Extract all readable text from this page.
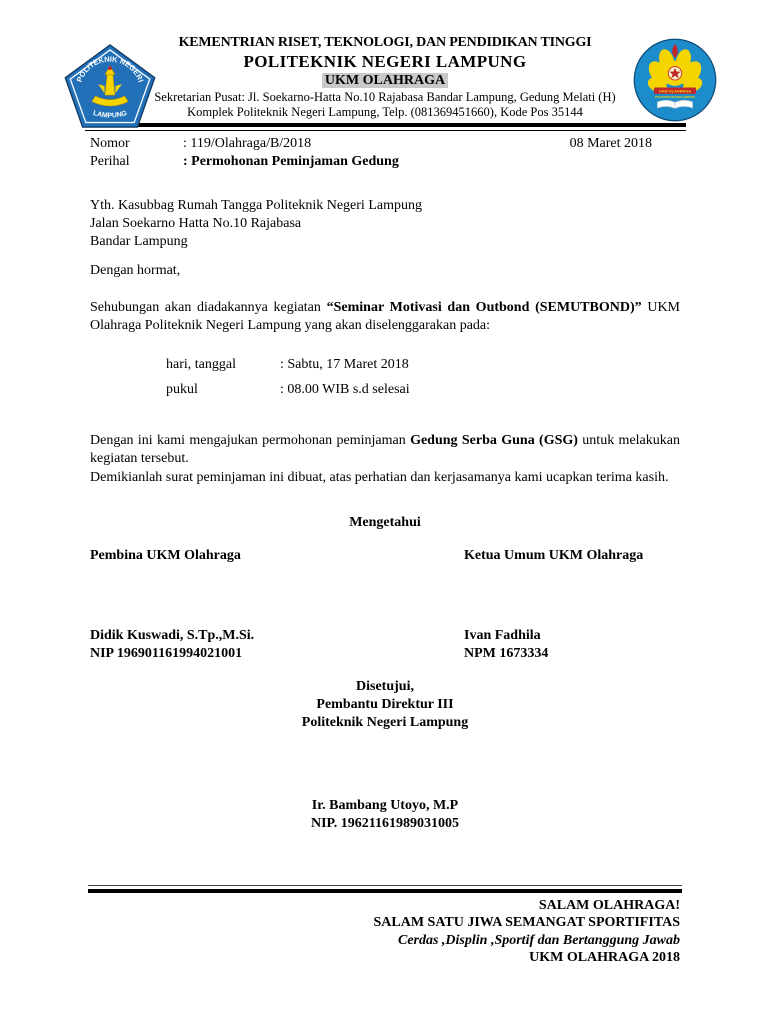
POLITEKNIK NEGERI
LAMPUNG
KEMENTRIAN RISET, TEKNOLOGI, DAN PENDIDIKAN TINGGI
POLITEKNIK NEGERI LAMPUNG
UKM OLAHRAGA
Sekretarian Pusat: Jl. Soekarno-Hatta No.10 Rajabasa Bandar Lampung, Gedung Melati (H)
Komplek Politeknik Negeri Lampung, Telp. (081369451660), Kode Pos 35144
UKM OLAHRAGA
POLITEKNIK NEGERI LAMPUNG
Nomor	: 119/Olahraga/B/2018	08 Maret 2018
Perihal	: Permohonan Peminjaman Gedung
Yth. Kasubbag Rumah Tangga Politeknik Negeri Lampung
Jalan Soekarno Hatta No.10 Rajabasa
Bandar Lampung
Dengan hormat,

Sehubungan akan diadakannya kegiatan “Seminar Motivasi dan Outbond (SEMUTBOND)” UKM Olahraga Politeknik Negeri Lampung yang akan diselenggarakan pada:

hari, tanggal	: Sabtu, 17 Maret 2018
pukul	: 08.00 WIB s.d selesai

Dengan ini kami mengajukan permohonan peminjaman Gedung Serba Guna (GSG) untuk melakukan kegiatan tersebut.

Demikianlah surat peminjaman ini dibuat, atas perhatian dan kerjasamanya kami ucapkan terima kasih.

Mengetahui
Pembina UKM Olahraga	Ketua Umum UKM Olahraga
Didik Kuswadi, S.Tp.,M.Si.
NIP 196901161994021001
Ivan Fadhila
NPM 1673334
Disetujui,
Pembantu Direktur III
Politeknik Negeri Lampung
Ir. Bambang Utoyo, M.P
NIP. 19621161989031005
SALAM OLAHRAGA!
SALAM SATU JIWA SEMANGAT SPORTIFITAS
Cerdas ,Displin ,Sportif dan Bertanggung Jawab
UKM OLAHRAGA 2018
